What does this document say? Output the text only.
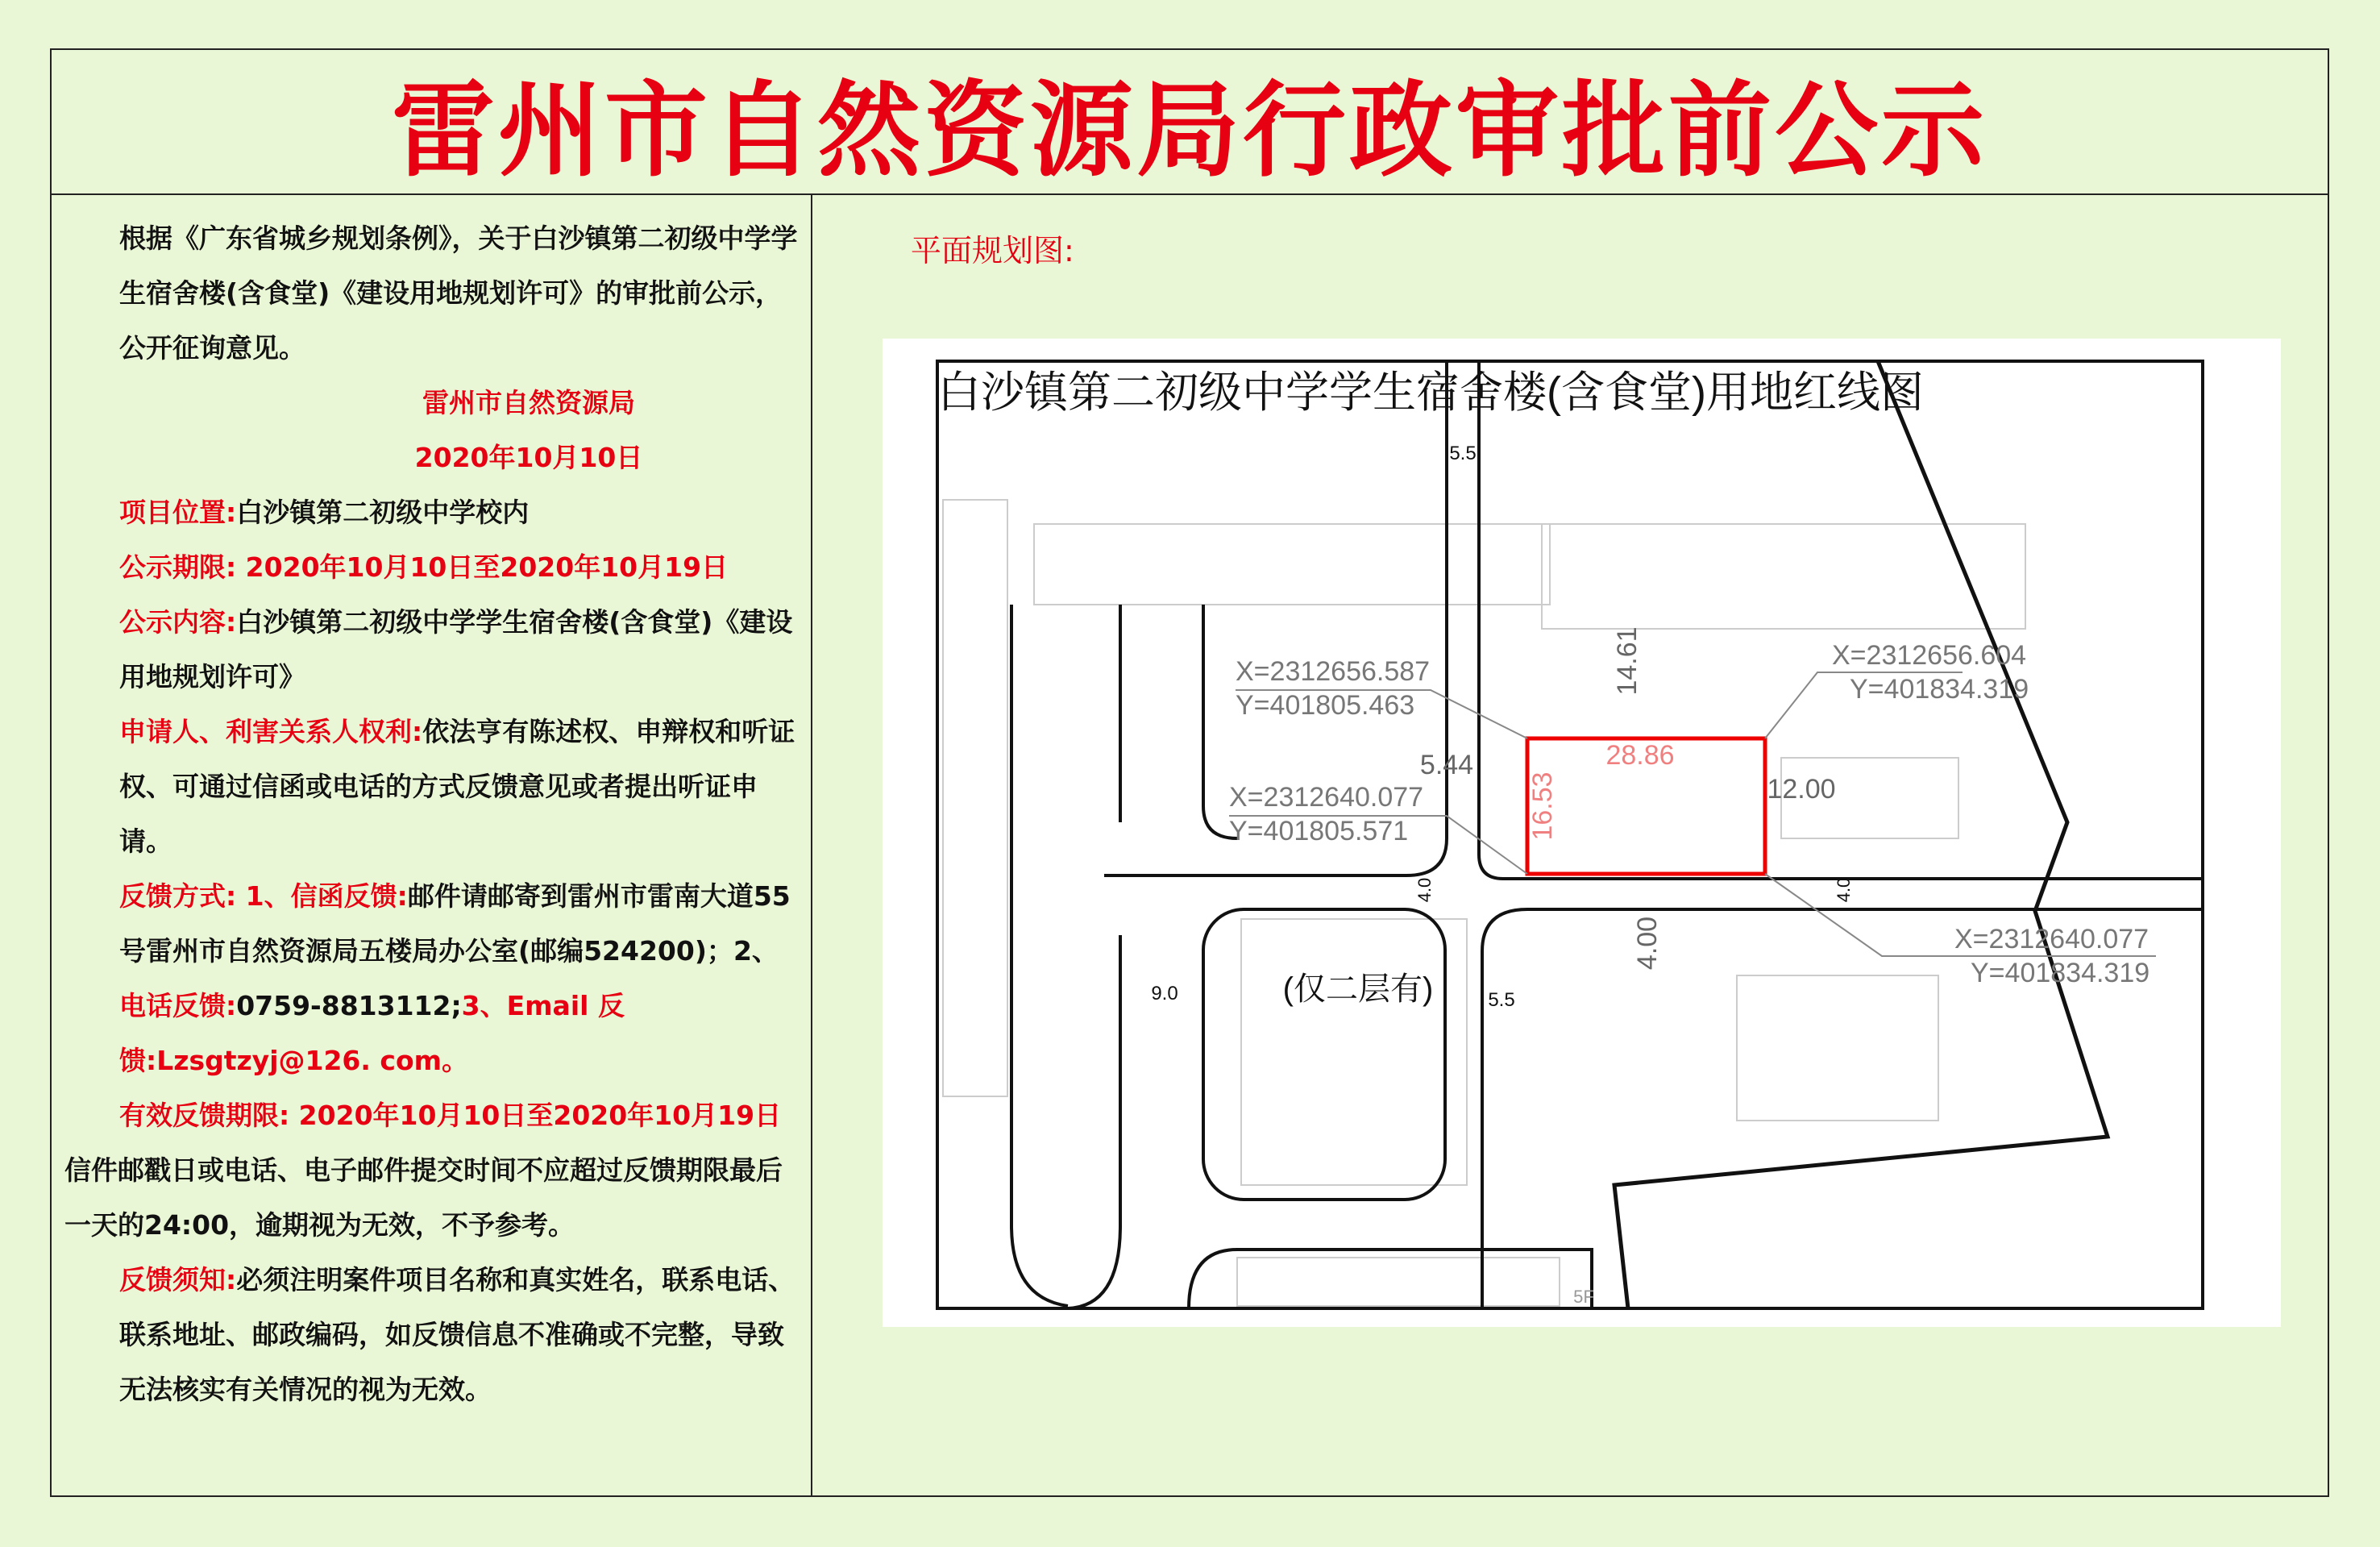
雷州市自然资源局行政审批前公示

根据《广东省城乡规划条例》，关于白沙镇第二初级中学学生宿舍楼(含食堂)《建设用地规划许可》的审批前公示，公开征询意见。

雷州市自然资源局

2020年10月10日

项目位置:白沙镇第二初级中学校内

公示期限: 2020年10月10日至2020年10月19日

公示内容:白沙镇第二初级中学学生宿舍楼(含食堂)《建设用地规划许可》

申请人、利害关系人权利:依法亨有陈述权、申辩权和听证权、可通过信函或电话的方式反馈意见或者提出听证申请。

反馈方式: 1、信函反馈:邮件请邮寄到雷州市雷南大道55号雷州市自然资源局五楼局办公室(邮编524200)；2、电话反馈:0759-8813112;3、Email 反馈:Lzsgtzyj@126. com。

有效反馈期限: 2020年10月10日至2020年10月19日

信件邮戳日或电话、电子邮件提交时间不应超过反馈期限最后一天的24:00，逾期视为无效，不予参考。

反馈须知:必须注明案件项目名称和真实姓名，联系电话、联系地址、邮政编码，如反馈信息不准确或不完整，导致无法核实有关情况的视为无效。

平面规划图:
白沙镇第二初级中学学生宿舍楼(含食堂)用地红线图
5.5
14.61
5.44	28.86
16.53	12.00
4.0	4.0
4.00
9.0	5.5
X=2312656.587
Y=401805.463
X=2312656.604
Y=401834.319
X=2312640.077
Y=401805.571
X=2312640.077
Y=401834.319
(仅二层有)
5F
